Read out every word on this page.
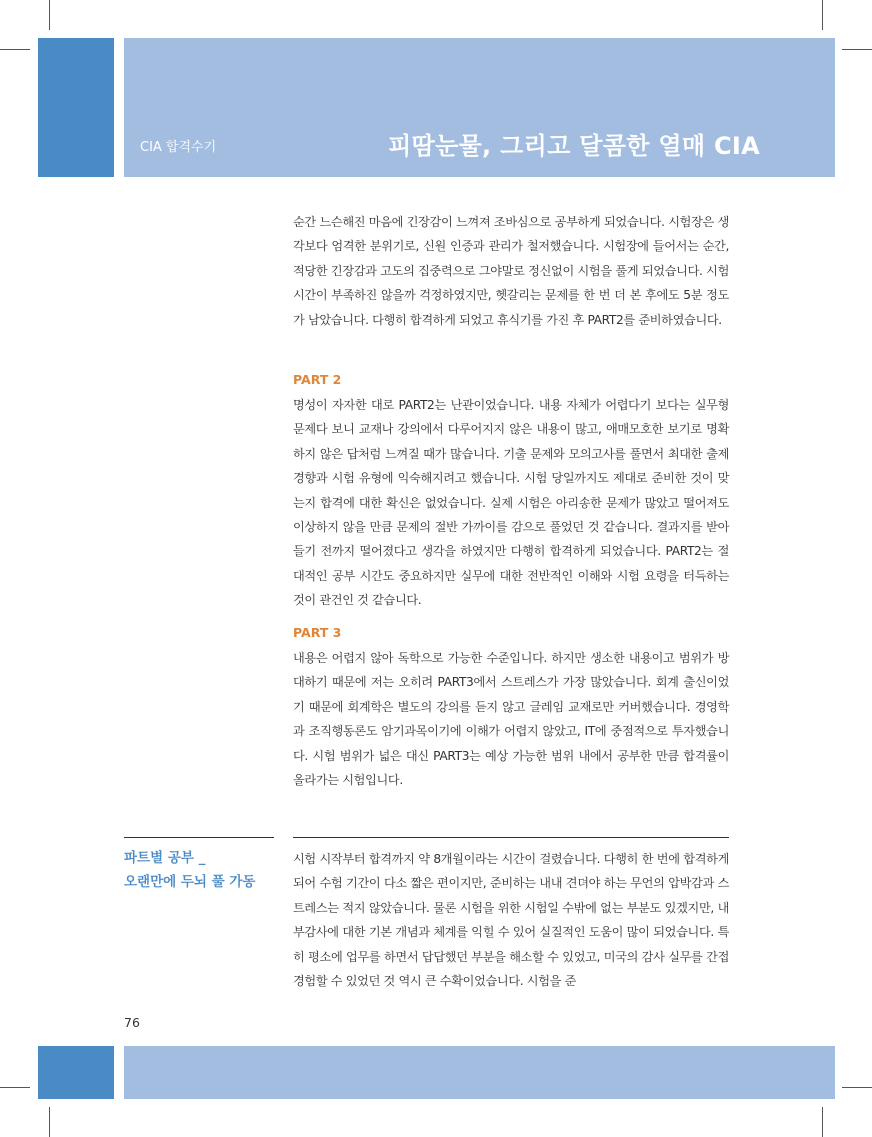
CIA 합격수기	피땀눈물, 그리고 달콤한 열매 CIA

순간 느슨해진 마음에 긴장감이 느껴져 조바심으로 공부하게 되었습니다. 시험장은 생각보다 엄격한 분위기로, 신원 인증과 관리가 철저했습니다. 시험장에 들어서는 순간, 적당한 긴장감과 고도의 집중력으로 그야말로 정신없이 시험을 풀게 되었습니다. 시험 시간이 부족하진 않을까 걱정하였지만, 헷갈리는 문제를 한 번 더 본 후에도 5분 정도가 남았습니다. 다행히 합격하게 되었고 휴식기를 가진 후 PART2를 준비하였습니다.

PART 2

명성이 자자한 대로 PART2는 난관이었습니다. 내용 자체가 어렵다기 보다는 실무형 문제다 보니 교재나 강의에서 다루어지지 않은 내용이 많고, 애매모호한 보기로 명확하지 않은 답처럼 느껴질 때가 많습니다. 기출 문제와 모의고사를 풀면서 최대한 출제 경향과 시험 유형에 익숙해지려고 했습니다. 시험 당일까지도 제대로 준비한 것이 맞는지 합격에 대한 확신은 없었습니다. 실제 시험은 아리송한 문제가 많았고 떨어져도 이상하지 않을 만큼 문제의 절반 가까이를 감으로 풀었던 것 같습니다. 결과지를 받아 들기 전까지 떨어졌다고 생각을 하였지만 다행히 합격하게 되었습니다. PART2는 절대적인 공부 시간도 중요하지만 실무에 대한 전반적인 이해와 시험 요령을 터득하는 것이 관건인 것 같습니다.

PART 3

내용은 어렵지 않아 독학으로 가능한 수준입니다. 하지만 생소한 내용이고 범위가 방대하기 때문에 저는 오히려 PART3에서 스트레스가 가장 많았습니다. 회계 출신이었기 때문에 회계학은 별도의 강의를 듣지 않고 글레임 교재로만 커버했습니다. 경영학과 조직행동론도 암기과목이기에 이해가 어렵지 않았고, IT에 중점적으로 투자했습니다. 시험 범위가 넓은 대신 PART3는 예상 가능한 범위 내에서 공부한 만큼 합격률이 올라가는 시험입니다.

파트별 공부 _
오랜만에 두뇌 풀 가동

시험 시작부터 합격까지 약 8개월이라는 시간이 걸렸습니다. 다행히 한 번에 합격하게 되어 수험 기간이 다소 짧은 편이지만, 준비하는 내내 견뎌야 하는 무언의 압박감과 스트레스는 적지 않았습니다. 물론 시험을 위한 시험일 수밖에 없는 부분도 있겠지만, 내부감사에 대한 기본 개념과 체계를 익힐 수 있어 실질적인 도움이 많이 되었습니다. 특히 평소에 업무를 하면서 답답했던 부분을 해소할 수 있었고, 미국의 감사 실무를 간접 경험할 수 있었던 것 역시 큰 수확이었습니다. 시험을 준

76
